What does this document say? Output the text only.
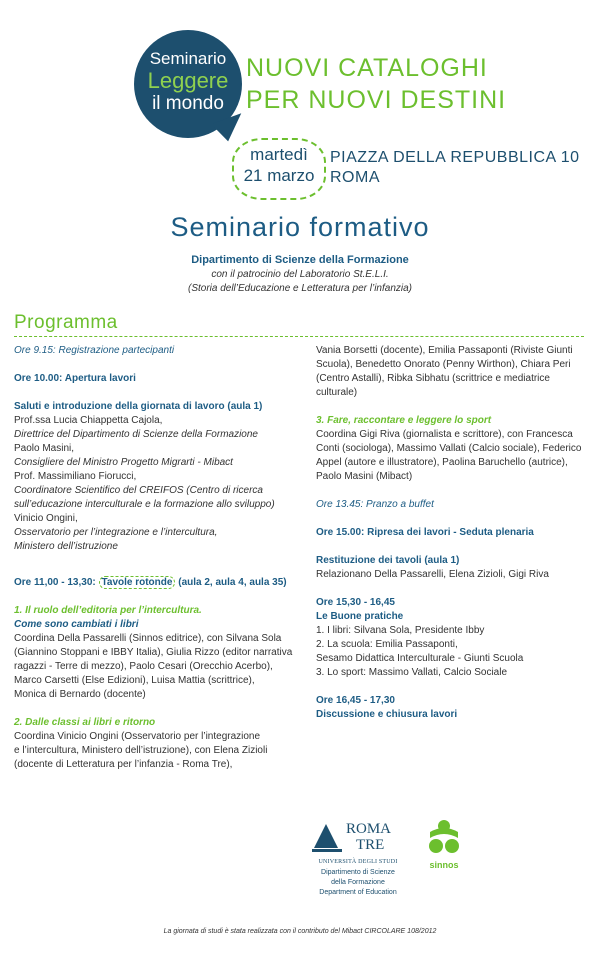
Seminario
Leggere
il mondo
NUOVI CATALOGHI
PER NUOVI DESTINI
martedì
21 marzo
PIAZZA DELLA REPUBBLICA 10
ROMA
Seminario formativo
Dipartimento di Scienze della Formazione
con il patrocinio del Laboratorio St.E.L.I.
(Storia dell’Educazione e Letteratura per l’infanzia)
Programma

Ore 9.15: Registrazione partecipanti

Ore 10.00: Apertura lavori

Saluti e introduzione della giornata di lavoro (aula 1)

Prof.ssa Lucia Chiappetta Cajola,

Direttrice del Dipartimento di Scienze della Formazione

Paolo Masini,

Consigliere del Ministro Progetto Migrarti - Mibact

Prof. Massimiliano Fiorucci,

Coordinatore Scientifico del CREIFOS (Centro di ricerca

sull’educazione interculturale e la formazione allo sviluppo)

Vinicio Ongini,

Osservatorio per l’integrazione e l’intercultura,

Ministero dell’istruzione

Ore 11,00 - 13,30: Tavole rotonde (aula 2, aula 4, aula 35)

1. Il ruolo dell’editoria per l’intercultura.

Come sono cambiati i libri

Coordina Della Passarelli (Sinnos editrice), con Silvana Sola

(Giannino Stoppani e IBBY Italia), Giulia Rizzo (editor narrativa

ragazzi - Terre di mezzo), Paolo Cesari (Orecchio Acerbo),

Marco Carsetti (Else Edizioni), Luisa Mattia (scrittrice),

Monica di Bernardo (docente)

2. Dalle classi ai libri e ritorno

Coordina Vinicio Ongini (Osservatorio per l’integrazione

e l’intercultura, Ministero dell’istruzione), con Elena Zizioli

(docente di Letteratura per l’infanzia - Roma Tre),

Vania Borsetti (docente), Emilia Passaponti (Riviste Giunti

Scuola), Benedetto Onorato (Penny Wirthon), Chiara Peri

(Centro Astalli), Ribka Sibhatu (scrittrice e mediatrice

culturale)

3. Fare, raccontare e leggere lo sport

Coordina Gigi Riva (giornalista e scrittore), con Francesca

Conti (sociologa), Massimo Vallati (Calcio sociale), Federico

Appel (autore e illustratore), Paolina Baruchello (autrice),

Paolo Masini (Mibact)

Ore 13.45: Pranzo a buffet

Ore 15.00: Ripresa dei lavori - Seduta plenaria

Restituzione dei tavoli (aula 1)

Relazionano Della Passarelli, Elena Zizioli, Gigi Riva

Ore 15,30 - 16,45

Le Buone pratiche

1. I libri: Silvana Sola, Presidente Ibby

2. La scuola: Emilia Passaponti,

Sesamo Didattica Interculturale - Giunti Scuola

3. Lo sport: Massimo Vallati, Calcio Sociale

Ore 16,45 - 17,30

Discussione e chiusura lavori

ROMA
TRE
UNIVERSITÀ DEGLI STUDI
Dipartimento di Scienze
della Formazione
Department of Education
sinnos
La giornata di studi è stata realizzata con il contributo del Mibact CIRCOLARE 108/2012
